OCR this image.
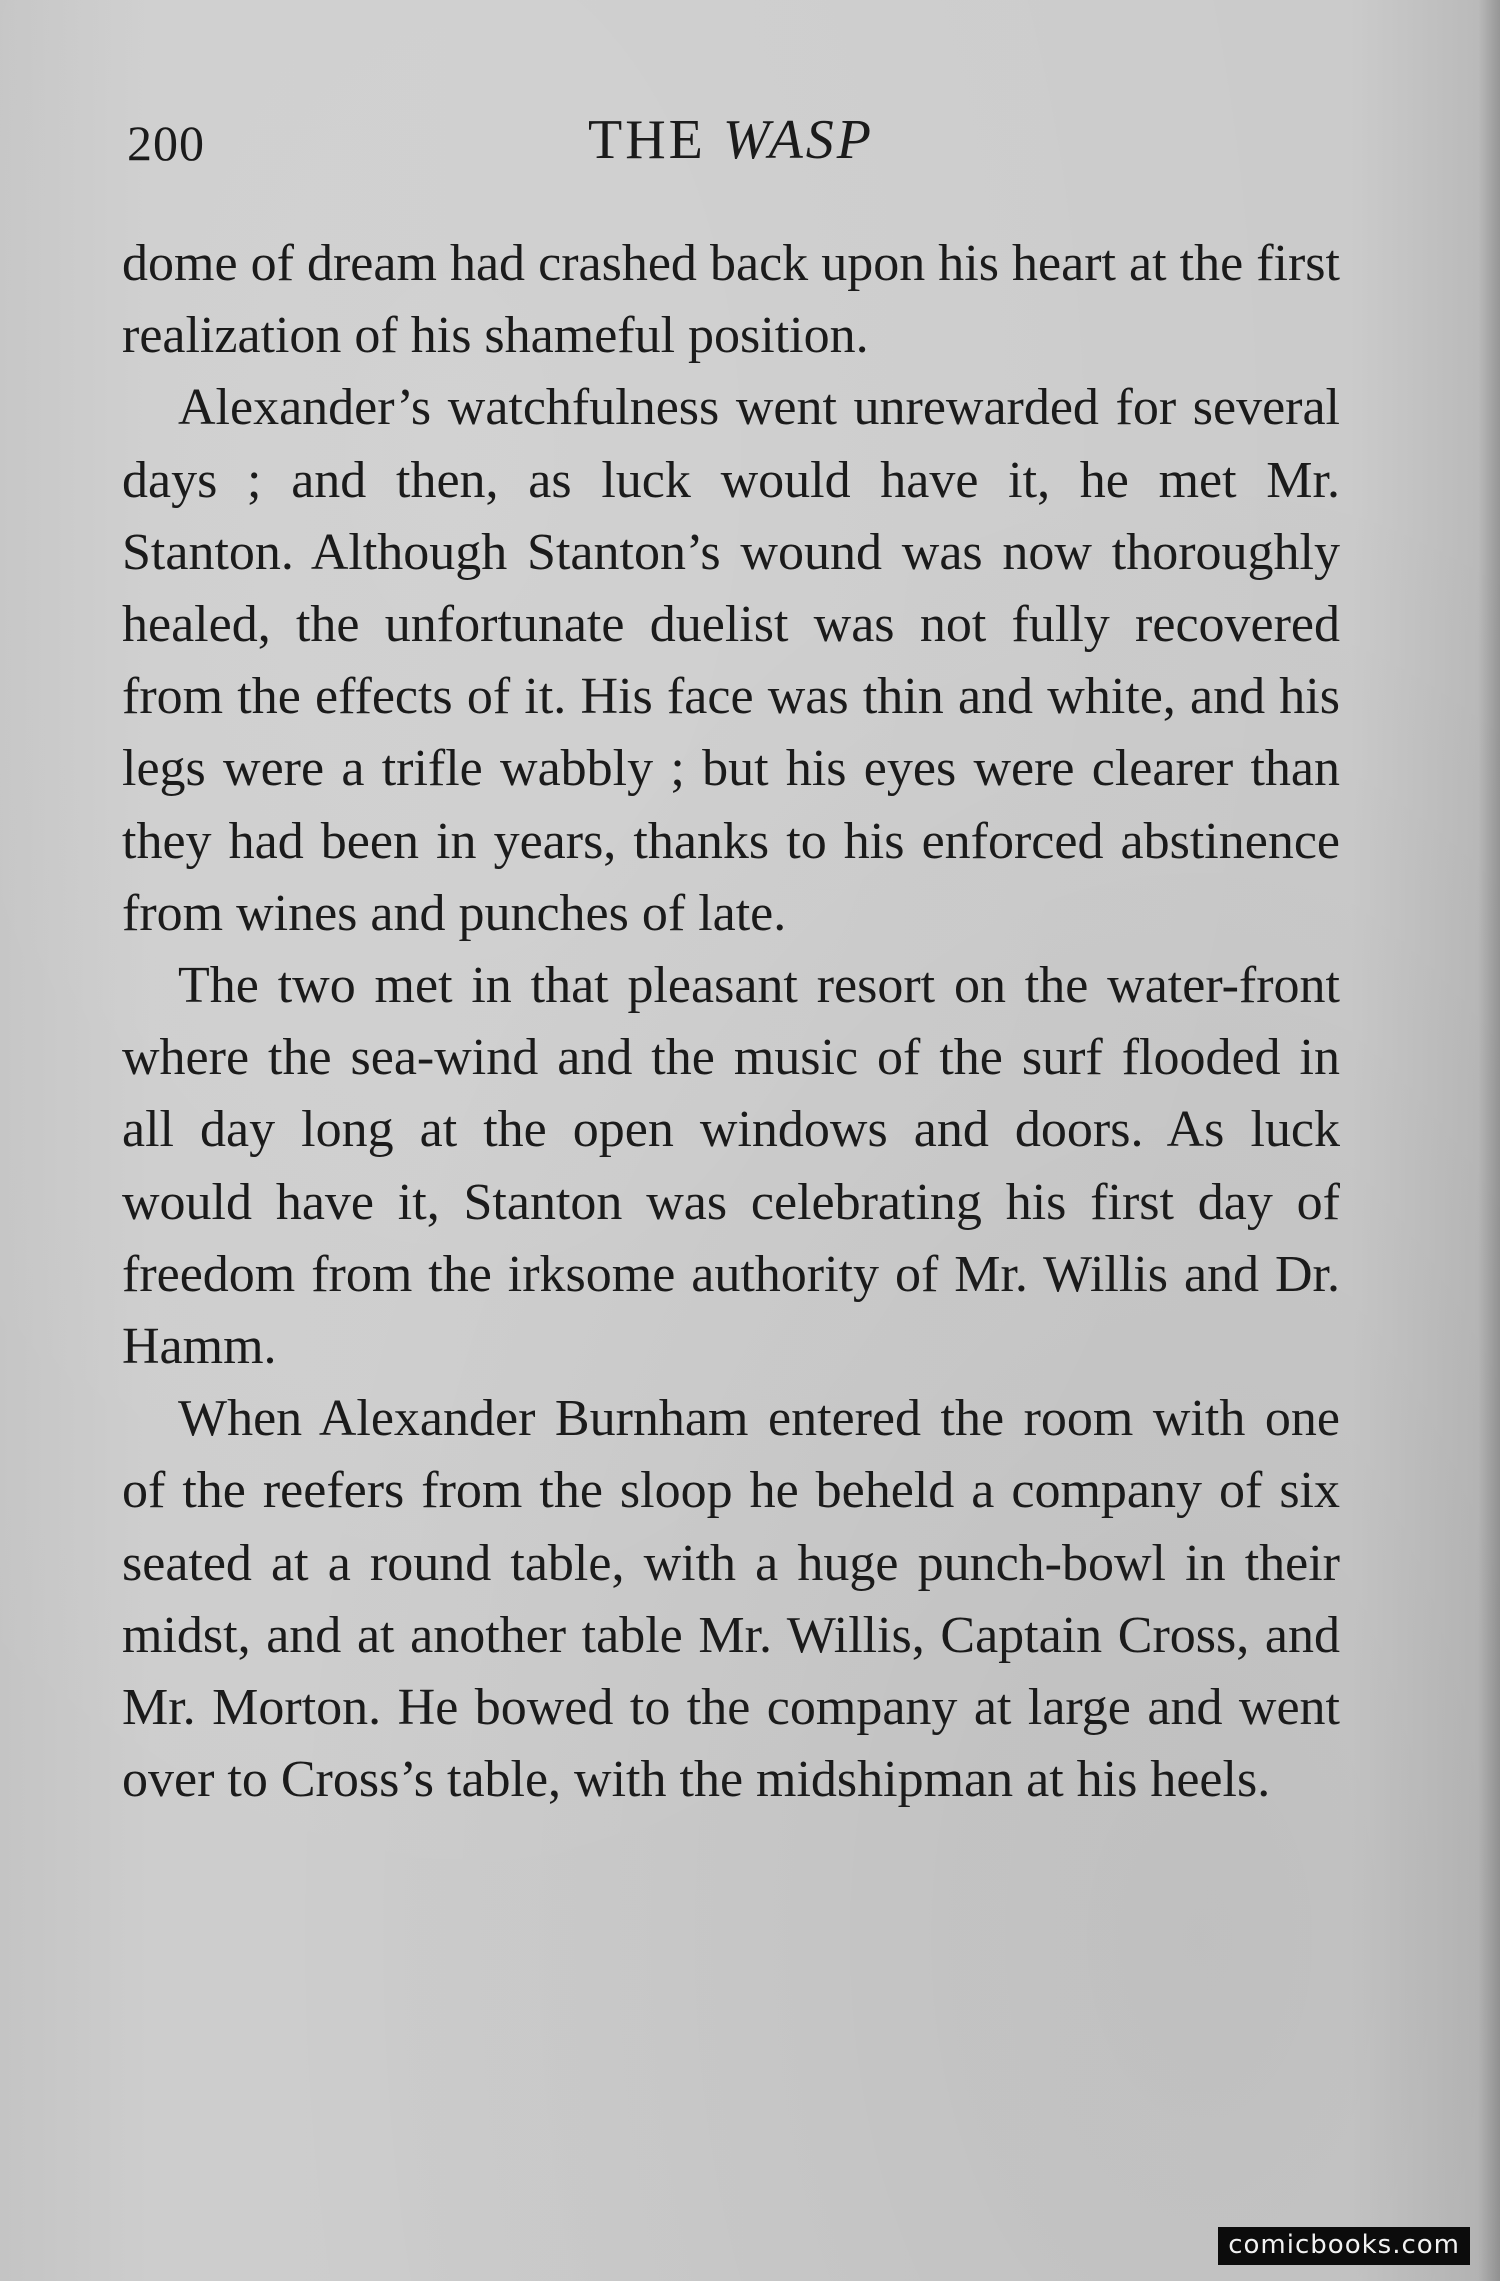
200	THE WASP

dome of dream had crashed back upon his heart at the first realization of his shameful position.

Alexander’s watchfulness went unrewarded for several days ; and then, as luck would have it, he met Mr. Stanton. Although Stanton’s wound was now thoroughly healed, the unfortunate duelist was not fully recovered from the effects of it. His face was thin and white, and his legs were a trifle wabbly ; but his eyes were clearer than they had been in years, thanks to his enforced abstinence from wines and punches of late.

The two met in that pleasant resort on the water-front where the sea-wind and the music of the surf flooded in all day long at the open windows and doors. As luck would have it, Stanton was celebrating his first day of freedom from the irksome authority of Mr. Willis and Dr. Hamm.

When Alexander Burnham entered the room with one of the reefers from the sloop he beheld a company of six seated at a round table, with a huge punch-bowl in their midst, and at another table Mr. Willis, Captain Cross, and Mr. Morton. He bowed to the company at large and went over to Cross’s table, with the midshipman at his heels.

comicbooks.com
